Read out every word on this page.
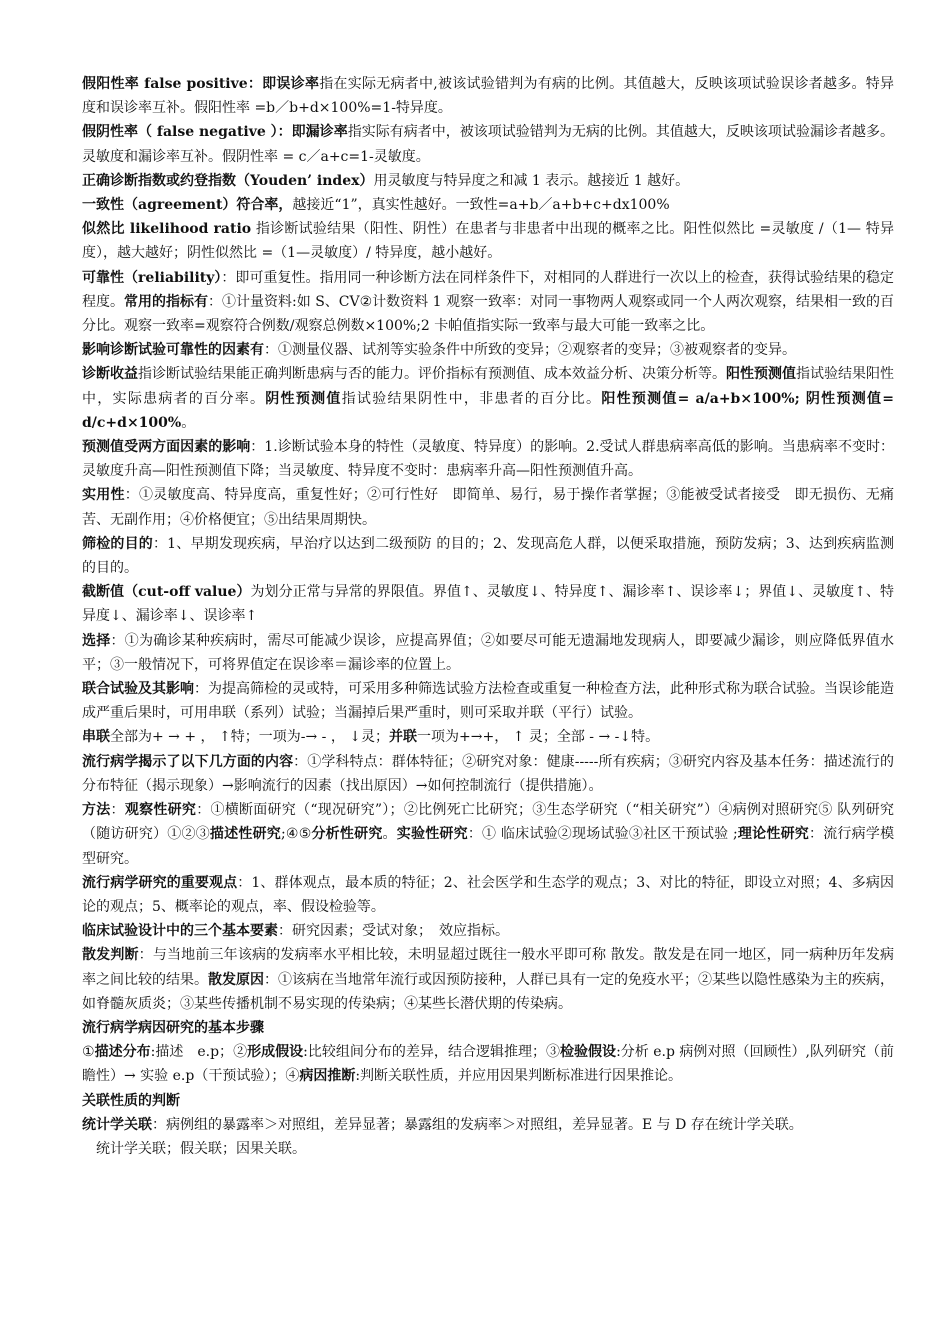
假阳性率 false positive：即误诊率指在实际无病者中,被该试验错判为有病的比例。其值越大，反映该项试验误诊者越多。特异度和误诊率互补。假阳性率 =b／b+d×100%=1-特异度。

假阴性率（ false negative ）：即漏诊率指实际有病者中，被该项试验错判为无病的比例。其值越大，反映该项试验漏诊者越多。灵敏度和漏诊率互补。假阴性率 = c／a+c=1-灵敏度。

正确诊断指数或约登指数（Youden’ index）用灵敏度与特异度之和减 1 表示。越接近 1 越好。

一致性（agreement）符合率，越接近“1”，真实性越好。一致性=a+b／a+b+c+dx100%

似然比 likelihood ratio 指诊断试验结果（阳性、阴性）在患者与非患者中出现的概率之比。阳性似然比 =灵敏度 /（1— 特异度），越大越好；阴性似然比 =（1—灵敏度）/ 特异度，越小越好。

可靠性（reliability）：即可重复性。指用同一种诊断方法在同样条件下，对相同的人群进行一次以上的检查，获得试验结果的稳定程度。常用的指标有：①计量资料:如 S、CV②计数资料 1 观察一致率：对同一事物两人观察或同一个人两次观察，结果相一致的百分比。观察一致率=观察符合例数/观察总例数×100%;2 卡帕值指实际一致率与最大可能一致率之比。

影响诊断试验可靠性的因素有：①测量仪器、试剂等实验条件中所致的变异；②观察者的变异；③被观察者的变异。

诊断收益指诊断试验结果能正确判断患病与否的能力。评价指标有预测值、成本效益分析、决策分析等。阳性预测值指试验结果阳性中，实际患病者的百分率。阴性预测值指试验结果阴性中，非患者的百分比。阳性预测值= a/a+b×100%; 阴性预测值= d/c+d×100%。

预测值受两方面因素的影响：1.诊断试验本身的特性（灵敏度、特异度）的影响。2.受试人群患病率高低的影响。当患病率不变时：灵敏度升高—阳性预测值下降；当灵敏度、特异度不变时：患病率升高—阳性预测值升高。

实用性：①灵敏度高、特异度高，重复性好；②可行性好　即简单、易行，易于操作者掌握；③能被受试者接受　即无损伤、无痛苦、无副作用；④价格便宜；⑤出结果周期快。

筛检的目的：1、早期发现疾病，早治疗以达到二级预防 的目的；2、发现高危人群，以便采取措施，预防发病；3、达到疾病监测的目的。

截断值（cut-off value）为划分正常与异常的界限值。界值↑、灵敏度↓、特异度↑、漏诊率↑、误诊率↓；界值↓、灵敏度↑、特异度↓、漏诊率↓、误诊率↑

选择：①为确诊某种疾病时，需尽可能减少误诊，应提高界值；②如要尽可能无遗漏地发现病人，即要减少漏诊，则应降低界值水平；③一般情况下，可将界值定在误诊率＝漏诊率的位置上。

联合试验及其影响：为提高筛检的灵或特，可采用多种筛选试验方法检查或重复一种检查方法，此种形式称为联合试验。当误诊能造成严重后果时，可用串联（系列）试验；当漏掉后果严重时，则可采取并联（平行）试验。

串联全部为+ → + ， ↑特；一项为-→ - ， ↓灵；并联一项为+→+， ↑ 灵；全部 - → -↓特。

流行病学揭示了以下几方面的内容：①学科特点：群体特征；②研究对象：健康-----所有疾病；③研究内容及基本任务：描述流行的分布特征（揭示现象）→影响流行的因素（找出原因）→如何控制流行（提供措施）。

方法：观察性研究：①横断面研究（“现况研究”）；②比例死亡比研究；③生态学研究（“相关研究”）④病例对照研究⑤ 队列研究（随访研究）①②③描述性研究;④⑤分析性研究。实验性研究：① 临床试验②现场试验③社区干预试验 ;理论性研究：流行病学模型研究。

流行病学研究的重要观点：1、群体观点，最本质的特征；2、社会医学和生态学的观点；3、对比的特征，即设立对照；4、多病因论的观点；5、概率论的观点，率、假设检验等。

临床试验设计中的三个基本要素：研究因素；受试对象；　效应指标。

散发判断：与当地前三年该病的发病率水平相比较，未明显超过既往一般水平即可称 散发。散发是在同一地区，同一病种历年发病率之间比较的结果。散发原因：①该病在当地常年流行或因预防接种，人群已具有一定的免疫水平；②某些以隐性感染为主的疾病，如脊髓灰质炎；③某些传播机制不易实现的传染病；④某些长潜伏期的传染病。

流行病学病因研究的基本步骤

①描述分布:描述　e.p；②形成假设:比较组间分布的差异，结合逻辑推理；③检验假设:分析 e.p 病例对照（回顾性）,队列研究（前瞻性）→ 实验 e.p（干预试验）；④病因推断:判断关联性质，并应用因果判断标准进行因果推论。

关联性质的判断

统计学关联：病例组的暴露率＞对照组，差异显著；暴露组的发病率＞对照组，差异显著。E 与 D 存在统计学关联。
　统计学关联；假关联；因果关联。
